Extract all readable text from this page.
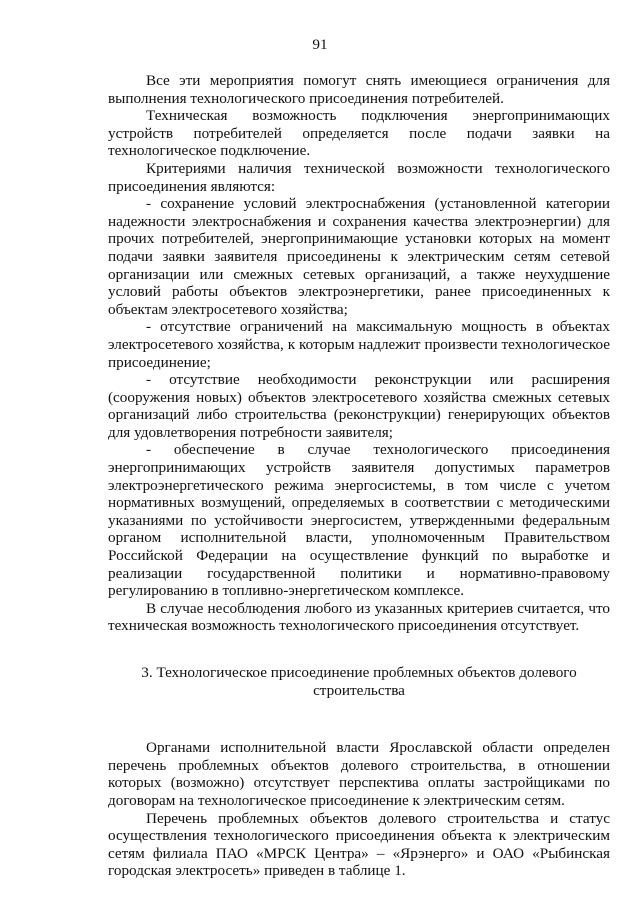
91

Все эти мероприятия помогут снять имеющиеся ограничения для выполнения технологического присоединения потребителей.

Техническая возможность подключения энергопринимающих устройств потребителей определяется после подачи заявки на технологическое подключение.

Критериями наличия технической возможности технологического присоединения являются:

- сохранение условий электроснабжения (установленной категории надежности электроснабжения и сохранения качества электроэнергии) для прочих потребителей, энергопринимающие установки которых на момент подачи заявки заявителя присоединены к электрическим сетям сетевой организации или смежных сетевых организаций, а также неухудшение условий работы объектов электроэнергетики, ранее присоединенных к объектам электросетевого хозяйства;

- отсутствие ограничений на максимальную мощность в объектах электросетевого хозяйства, к которым надлежит произвести технологическое присоединение;

- отсутствие необходимости реконструкции или расширения (сооружения новых) объектов электросетевого хозяйства смежных сетевых организаций либо строительства (реконструкции) генерирующих объектов для удовлетворения потребности заявителя;

- обеспечение в случае технологического присоединения энергопринимающих устройств заявителя допустимых параметров электроэнергетического режима энергосистемы, в том числе с учетом нормативных возмущений, определяемых в соответствии с методическими указаниями по устойчивости энергосистем, утвержденными федеральным органом исполнительной власти, уполномоченным Правительством Российской Федерации на осуществление функций по выработке и реализации государственной политики и нормативно-правовому регулированию в топливно-энергетическом комплексе.

В случае несоблюдения любого из указанных критериев считается, что техническая возможность технологического присоединения отсутствует.

3. Технологическое присоединение проблемных объектов долевого строительства

Органами исполнительной власти Ярославской области определен перечень проблемных объектов долевого строительства, в отношении которых (возможно) отсутствует перспектива оплаты застройщиками по договорам на технологическое присоединение к электрическим сетям.

Перечень проблемных объектов долевого строительства и статус осуществления технологического присоединения объекта к электрическим сетям филиала ПАО «МРСК Центра» – «Ярэнерго» и ОАО «Рыбинская городская электросеть» приведен в таблице 1.
